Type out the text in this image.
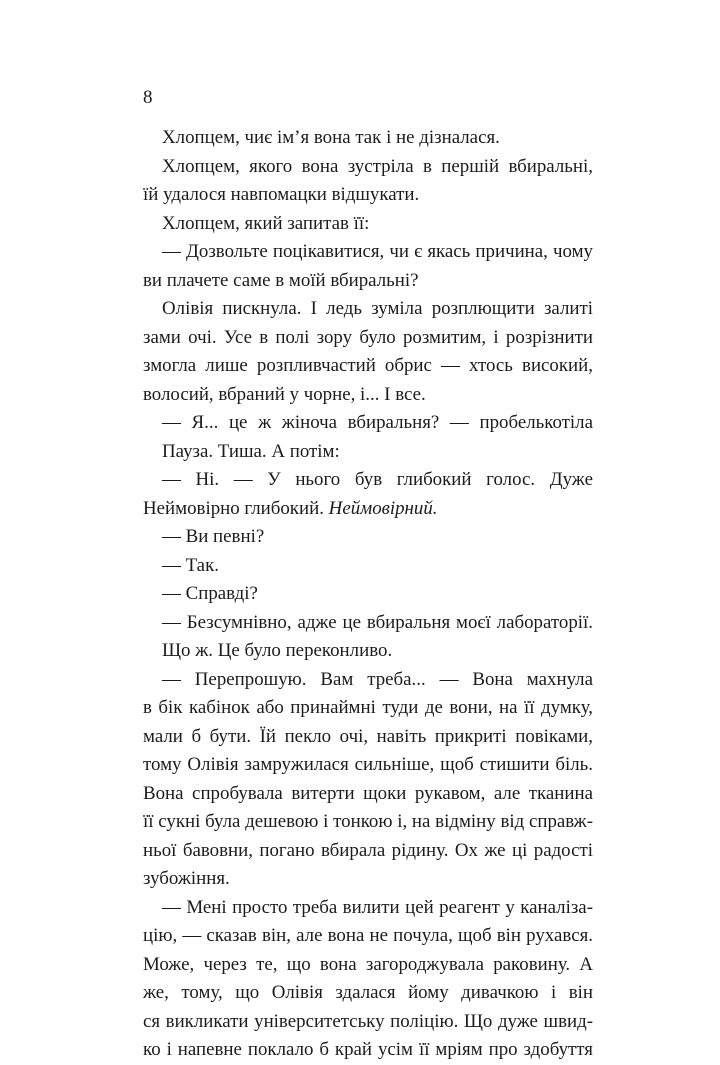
8
Хлопцем, чиє ім’я вона так і не дізналася.
Хлопцем, якого вона зустріла в першій вбиральні,
їй удалося навпомацки відшукати.
Хлопцем, який запитав її:
— Дозвольте поцікавитися, чи є якась причина, чому
ви плачете саме в моїй вбиральні?
Олівія пискнула. І ледь зуміла розплющити залиті
зами очі. Усе в полі зору було розмитим, і розрізнити
змогла лише розпливчастий обрис — хтось високий,
волосий, вбраний у чорне, і... І все.
— Я... це ж жіноча вбиральня? — пробелькотіла
Пауза. Тиша. А потім:
— Ні. — У нього був глибокий голос. Дуже
Неймовірно глибокий. Неймовірний.
— Ви певні?
— Так.
— Справді?
— Безсумнівно, адже це вбиральня моєї лабораторії.
Що ж. Це було переконливо.
— Перепрошую. Вам треба... — Вона махнула
в бік кабінок або принаймні туди де вони, на її думку,
мали б бути. Їй пекло очі, навіть прикриті повіками,
тому Олівія замружилася сильніше, щоб стишити біль.
Вона спробувала витерти щоки рукавом, але тканина
її сукні була дешевою і тонкою і, на відміну від справж-
ньої бавовни, погано вбирала рідину. Ох же ці радості
зубожіння.
— Мені просто треба вилити цей реагент у каналіза-
цію, — сказав він, але вона не почула, щоб він рухався.
Може, через те, що вона загороджувала раковину. А
же, тому, що Олівія здалася йому дивачкою і він
ся викликати університетську поліцію. Що дуже швид-
ко і напевне поклало б край усім її мріям про здобуття
